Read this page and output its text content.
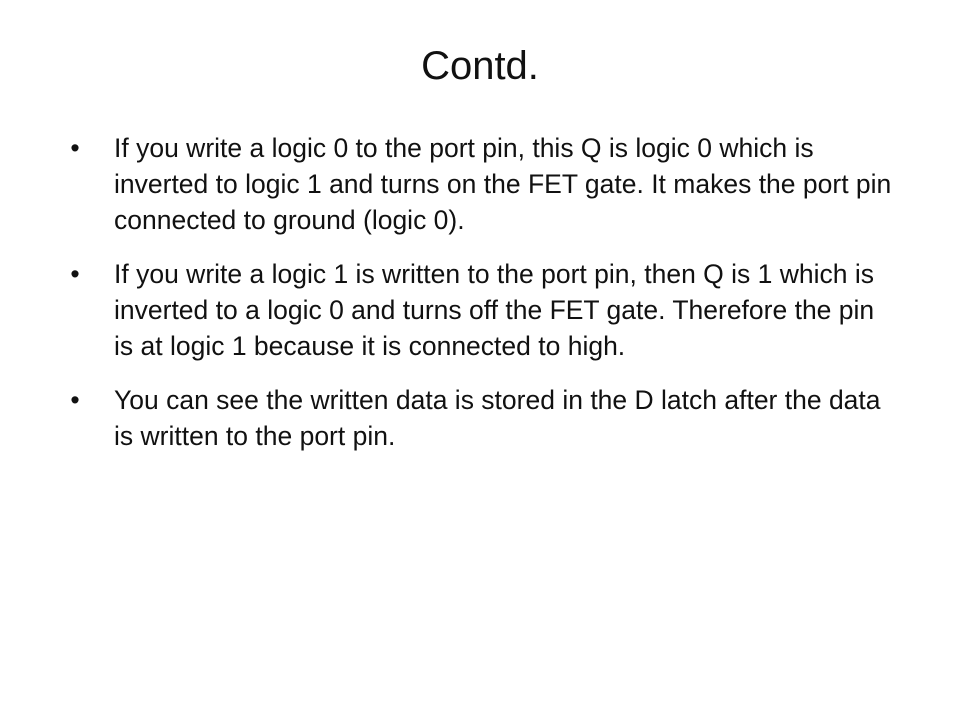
Contd.
•	If you write a logic 0 to the port pin, this Q is logic 0 which is inverted to logic 1 and turns on the FET gate. It makes the port pin connected to ground (logic 0).
•	If you write a logic 1 is written to the port pin, then Q is 1 which is inverted to a logic 0 and turns off the FET gate. Therefore the pin is at logic 1 because it is connected to high.
•	You can see the written data is stored in the D latch after the data is written to the port pin.
